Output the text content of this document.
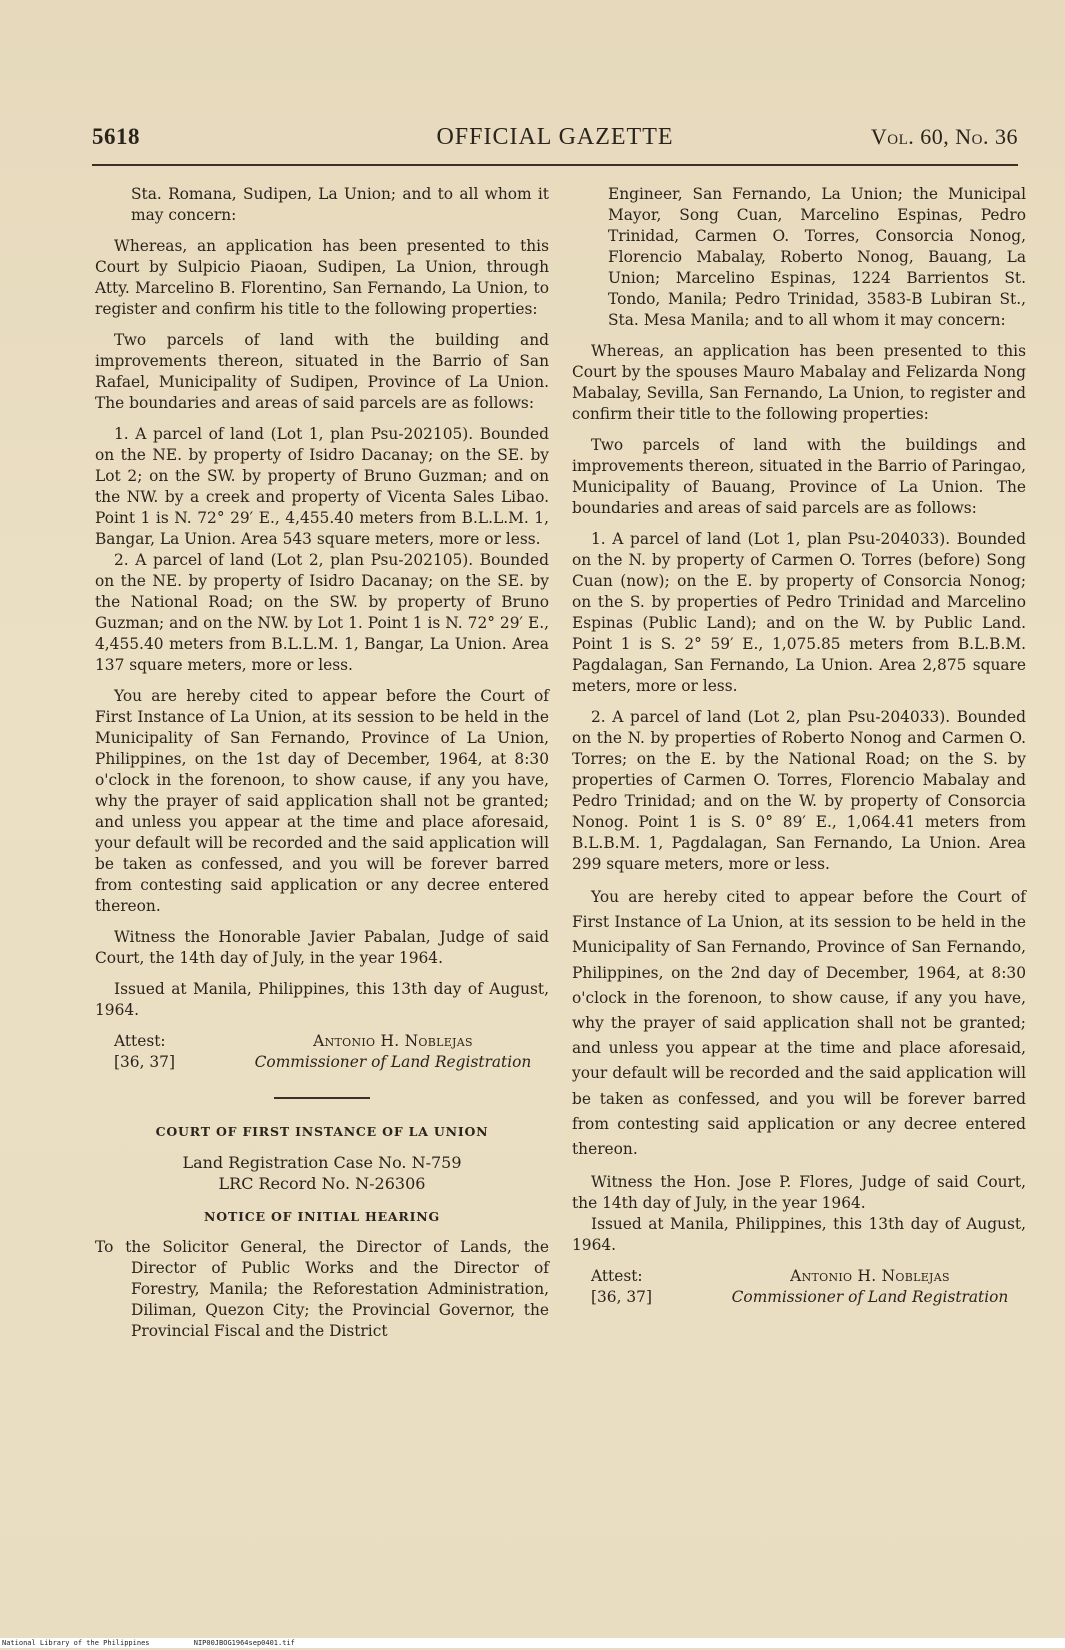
5618	OFFICIAL GAZETTE	Vol. 60, No. 36

Sta. Romana, Sudipen, La Union; and to all whom it may concern:

Whereas, an application has been presented to this Court by Sulpicio Piaoan, Sudipen, La Union, through Atty. Marcelino B. Florentino, San Fernando, La Union, to register and confirm his title to the following properties:

Two parcels of land with the building and improvements thereon, situated in the Barrio of San Rafael, Municipality of Sudipen, Province of La Union. The boundaries and areas of said parcels are as follows:

1. A parcel of land (Lot 1, plan Psu-202105). Bounded on the NE. by property of Isidro Dacanay; on the SE. by Lot 2; on the SW. by property of Bruno Guzman; and on the NW. by a creek and property of Vicenta Sales Libao. Point 1 is N. 72° 29′ E., 4,455.40 meters from B.L.L.M. 1, Bangar, La Union. Area 543 square meters, more or less.

2. A parcel of land (Lot 2, plan Psu-202105). Bounded on the NE. by property of Isidro Dacanay; on the SE. by the National Road; on the SW. by property of Bruno Guzman; and on the NW. by Lot 1. Point 1 is N. 72° 29′ E., 4,455.40 meters from B.L.L.M. 1, Bangar, La Union. Area 137 square meters, more or less.

You are hereby cited to appear before the Court of First Instance of La Union, at its session to be held in the Municipality of San Fernando, Province of La Union, Philippines, on the 1st day of December, 1964, at 8:30 o'clock in the forenoon, to show cause, if any you have, why the prayer of said application shall not be granted; and unless you appear at the time and place aforesaid, your default will be recorded and the said application will be taken as confessed, and you will be forever barred from contesting said application or any decree entered thereon.

Witness the Honorable Javier Pabalan, Judge of said Court, the 14th day of July, in the year 1964.

Issued at Manila, Philippines, this 13th day of August, 1964.

Attest:	Antonio H. Noblejas
[36, 37]	Commissioner of Land Registration
COURT OF FIRST INSTANCE OF LA UNION
Land Registration Case No. N-759
LRC Record No. N-26306
NOTICE OF INITIAL HEARING

To the Solicitor General, the Director of Lands, the Director of Public Works and the Director of Forestry, Manila; the Reforestation Administration, Diliman, Quezon City; the Provincial Governor, the Provincial Fiscal and the District

Engineer, San Fernando, La Union; the Municipal Mayor, Song Cuan, Marcelino Espinas, Pedro Trinidad, Carmen O. Torres, Consorcia Nonog, Florencio Mabalay, Roberto Nonog, Bauang, La Union; Marcelino Espinas, 1224 Barrientos St. Tondo, Manila; Pedro Trinidad, 3583-B Lubiran St., Sta. Mesa Manila; and to all whom it may concern:

Whereas, an application has been presented to this Court by the spouses Mauro Mabalay and Felizarda Nong Mabalay, Sevilla, San Fernando, La Union, to register and confirm their title to the following properties:

Two parcels of land with the buildings and improvements thereon, situated in the Barrio of Paringao, Municipality of Bauang, Province of La Union. The boundaries and areas of said parcels are as follows:

1. A parcel of land (Lot 1, plan Psu-204033). Bounded on the N. by property of Carmen O. Torres (before) Song Cuan (now); on the E. by property of Consorcia Nonog; on the S. by properties of Pedro Trinidad and Marcelino Espinas (Public Land); and on the W. by Public Land. Point 1 is S. 2° 59′ E., 1,075.85 meters from B.L.B.M. Pagdalagan, San Fernando, La Union. Area 2,875 square meters, more or less.

2. A parcel of land (Lot 2, plan Psu-204033). Bounded on the N. by properties of Roberto Nonog and Carmen O. Torres; on the E. by the National Road; on the S. by properties of Carmen O. Torres, Florencio Mabalay and Pedro Trinidad; and on the W. by property of Consorcia Nonog. Point 1 is S. 0° 89′ E., 1,064.41 meters from B.L.B.M. 1, Pagdalagan, San Fernando, La Union. Area 299 square meters, more or less.

You are hereby cited to appear before the Court of First Instance of La Union, at its session to be held in the Municipality of San Fernando, Province of San Fernando, Philippines, on the 2nd day of December, 1964, at 8:30 o'clock in the forenoon, to show cause, if any you have, why the prayer of said application shall not be granted; and unless you appear at the time and place aforesaid, your default will be recorded and the said application will be taken as confessed, and you will be forever barred from contesting said application or any decree entered thereon.

Witness the Hon. Jose P. Flores, Judge of said Court, the 14th day of July, in the year 1964.

Issued at Manila, Philippines, this 13th day of August, 1964.

Attest:	Antonio H. Noblejas
[36, 37]	Commissioner of Land Registration
National Library of the Philippines	NIP00JBOG1964sep0401.tif
